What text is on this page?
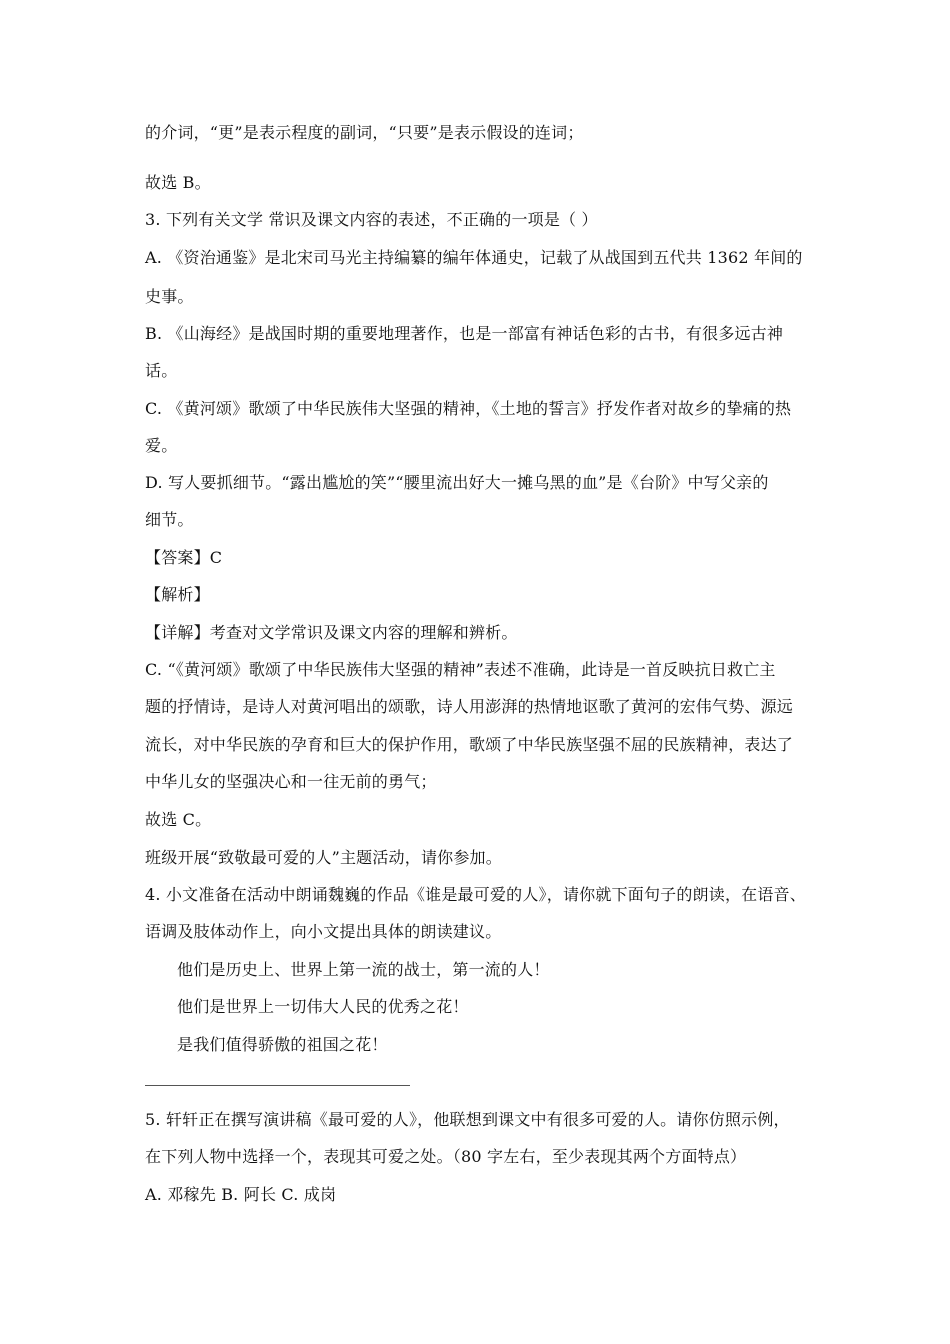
的介词，“更”是表示程度的副词，“只要”是表示假设的连词；
故选 B。
3. 下列有关文学 常识及课文内容的表述，不正确的一项是（ ）
A. 《资治通鉴》是北宋司马光主持编纂的编年体通史，记载了从战国到五代共 1362 年间的
史事。
B. 《山海经》是战国时期的重要地理著作，也是一部富有神话色彩的古书，有很多远古神
话。
C. 《黄河颂》歌颂了中华民族伟大坚强的精神，《土地的誓言》抒发作者对故乡的挚痛的热
爱。
D. 写人要抓细节。“露出尴尬的笑”“腰里流出好大一摊乌黑的血”是《台阶》中写父亲的
细节。
【答案】C
【解析】
【详解】考查对文学常识及课文内容的理解和辨析。
C. “《黄河颂》歌颂了中华民族伟大坚强的精神”表述不准确，此诗是一首反映抗日救亡主
题的抒情诗，是诗人对黄河唱出的颂歌，诗人用澎湃的热情地讴歌了黄河的宏伟气势、源远
流长，对中华民族的孕育和巨大的保护作用，歌颂了中华民族坚强不屈的民族精神，表达了
中华儿女的坚强决心和一往无前的勇气；
故选 C。
班级开展“致敬最可爱的人”主题活动，请你参加。
4. 小文准备在活动中朗诵魏巍的作品《谁是最可爱的人》，请你就下面句子的朗读，在语音、
语调及肢体动作上，向小文提出具体的朗读建议。
他们是历史上、世界上第一流的战士，第一流的人！
他们是世界上一切伟大人民的优秀之花！
是我们值得骄傲的祖国之花！
5. 轩轩正在撰写演讲稿《最可爱的人》，他联想到课文中有很多可爱的人。请你仿照示例，
在下列人物中选择一个，表现其可爱之处。（80 字左右，至少表现其两个方面特点）
A. 邓稼先 B. 阿长 C. 成岗
